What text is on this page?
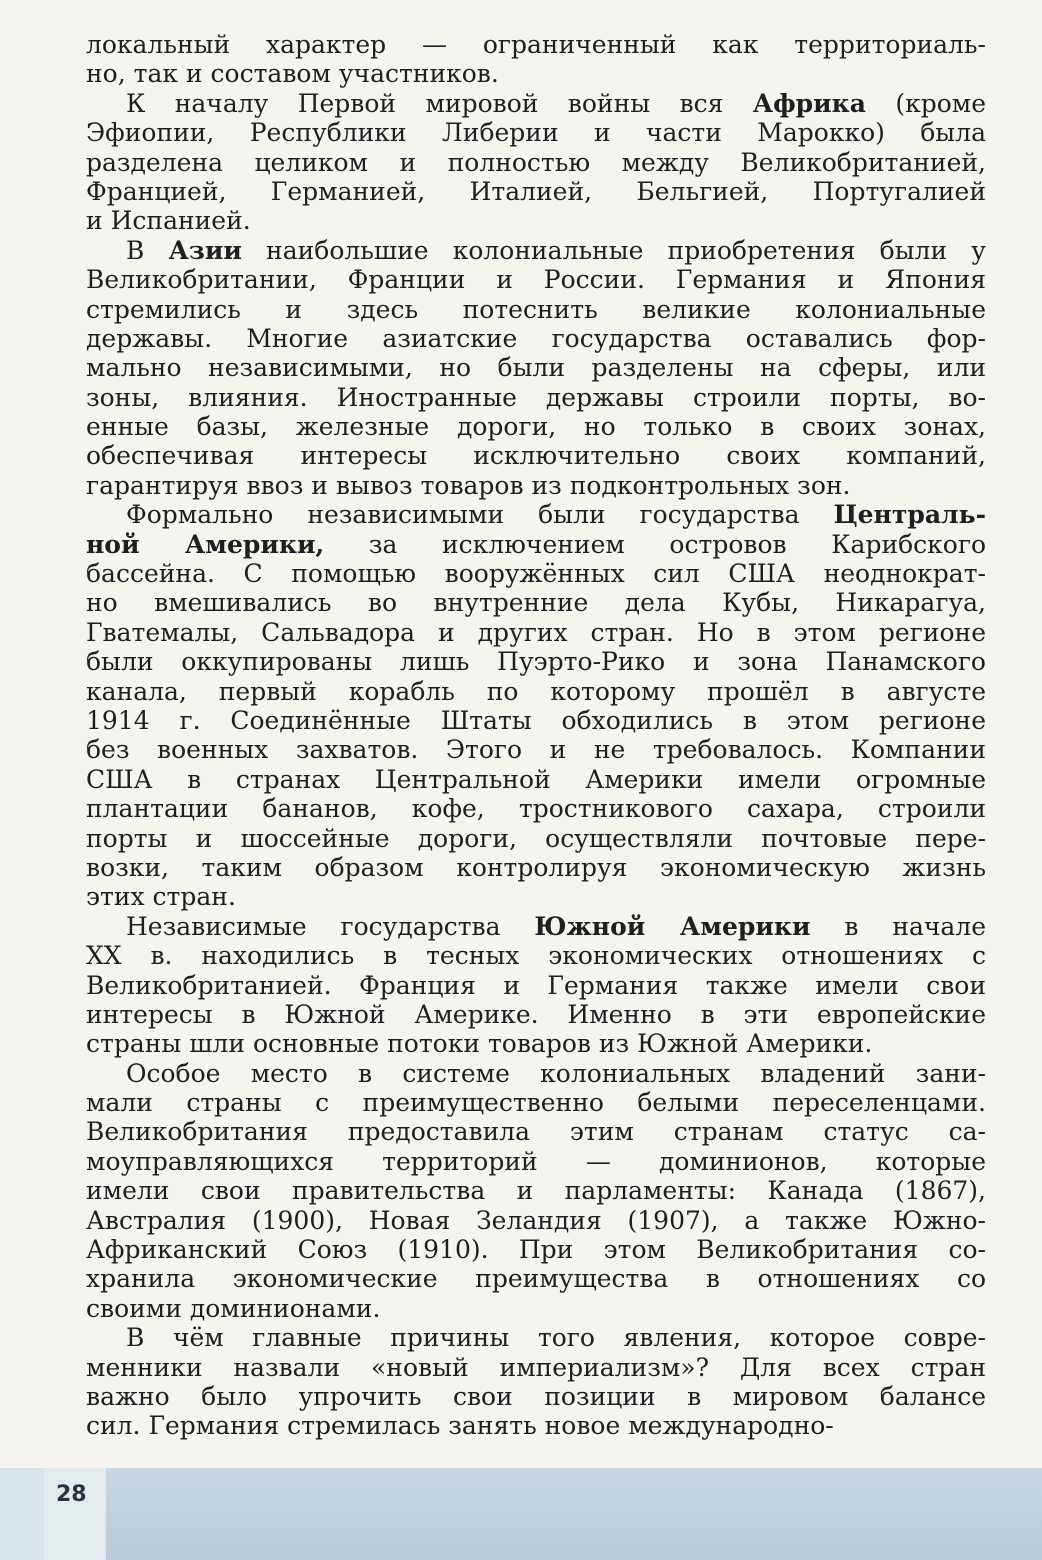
локальный характер — ограниченный как территориаль-
но, так и составом участников.
К началу Первой мировой войны вся Африка (кроме
Эфиопии, Республики Либерии и части Марокко) была
разделена целиком и полностью между Великобританией,
Францией, Германией, Италией, Бельгией, Португалией
и Испанией.
В Азии наибольшие колониальные приобретения были у
Великобритании, Франции и России. Германия и Япония
стремились и здесь потеснить великие колониальные
державы. Многие азиатские государства оставались фор-
мально независимыми, но были разделены на сферы, или
зоны, влияния. Иностранные державы строили порты, во-
енные базы, железные дороги, но только в своих зонах,
обеспечивая интересы исключительно своих компаний,
гарантируя ввоз и вывоз товаров из подконтрольных зон.
Формально независимыми были государства Централь-
ной Америки, за исключением островов Карибского
бассейна. С помощью вооружённых сил США неоднократ-
но вмешивались во внутренние дела Кубы, Никарагуа,
Гватемалы, Сальвадора и других стран. Но в этом регионе
были оккупированы лишь Пуэрто-Рико и зона Панамского
канала, первый корабль по которому прошёл в августе
1914 г. Соединённые Штаты обходились в этом регионе
без военных захватов. Этого и не требовалось. Компании
США в странах Центральной Америки имели огромные
плантации бананов, кофе, тростникового сахара, строили
порты и шоссейные дороги, осуществляли почтовые пере-
возки, таким образом контролируя экономическую жизнь
этих стран.
Независимые государства Южной Америки в начале
XX в. находились в тесных экономических отношениях с
Великобританией. Франция и Германия также имели свои
интересы в Южной Америке. Именно в эти европейские
страны шли основные потоки товаров из Южной Америки.
Особое место в системе колониальных владений зани-
мали страны с преимущественно белыми переселенцами.
Великобритания предоставила этим странам статус са-
моуправляющихся территорий — доминионов, которые
имели свои правительства и парламенты: Канада (1867),
Австралия (1900), Новая Зеландия (1907), а также Южно-
Африканский Союз (1910). При этом Великобритания со-
хранила экономические преимущества в отношениях со
своими доминионами.
В чём главные причины того явления, которое совре-
менники назвали «новый империализм»? Для всех стран
важно было упрочить свои позиции в мировом балансе
сил. Германия стремилась занять новое международно-
28
